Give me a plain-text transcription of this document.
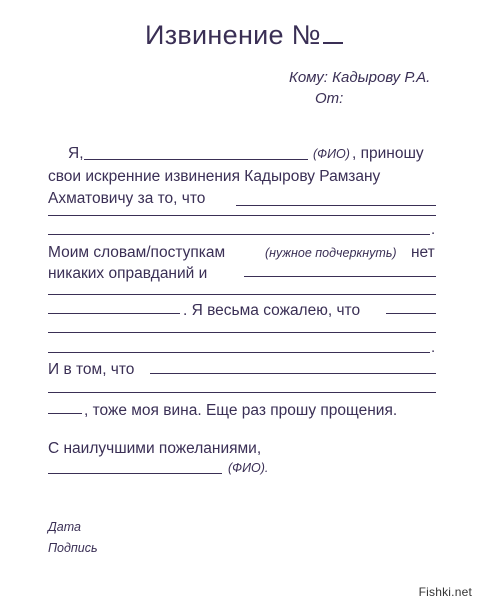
Извинение №
Кому: Кадырову Р.А.
От:
Я,	(ФИО) , приношу
свои искренние извинения Кадырову Рамзану
Ахматовичу за то, что
.
Моим словам/поступкам	(нужное подчеркнуть) нет
никаких оправданий и
. Я весьма сожалею, что
.
И в том, что
, тоже моя вина. Еще раз прошу прощения.
С наилучшими пожеланиями,
(ФИО).
Дата
Подпись
Fishki.net
